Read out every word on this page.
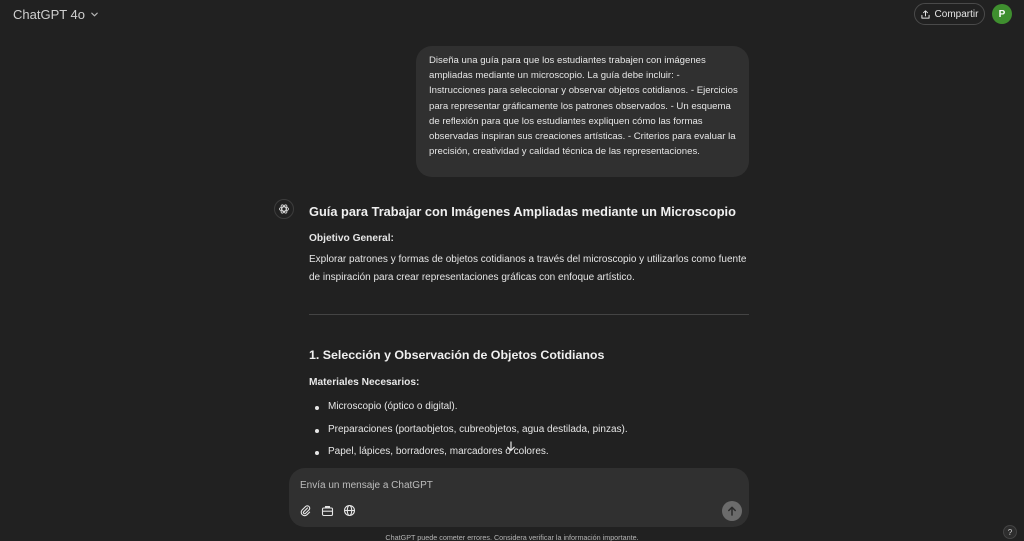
ChatGPT 4o	Compartir	P
Diseña una guía para que los estudiantes trabajen con imágenes ampliadas mediante un microscopio. La guía debe incluir: - Instrucciones para seleccionar y observar objetos cotidianos. - Ejercicios para representar gráficamente los patrones observados. - Un esquema de reflexión para que los estudiantes expliquen cómo las formas observadas inspiran sus creaciones artísticas. - Criterios para evaluar la precisión, creatividad y calidad técnica de las representaciones.
Guía para Trabajar con Imágenes Ampliadas mediante un Microscopio
Objetivo General:
Explorar patrones y formas de objetos cotidianos a través del microscopio y utilizarlos como fuente de inspiración para crear representaciones gráficas con enfoque artístico.
1. Selección y Observación de Objetos Cotidianos
Materiales Necesarios:
Microscopio (óptico o digital).
Preparaciones (portaobjetos, cubreobjetos, agua destilada, pinzas).
Papel, lápices, borradores, marcadores o colores.
Envía un mensaje a ChatGPT
ChatGPT puede cometer errores. Considera verificar la información importante.
?
